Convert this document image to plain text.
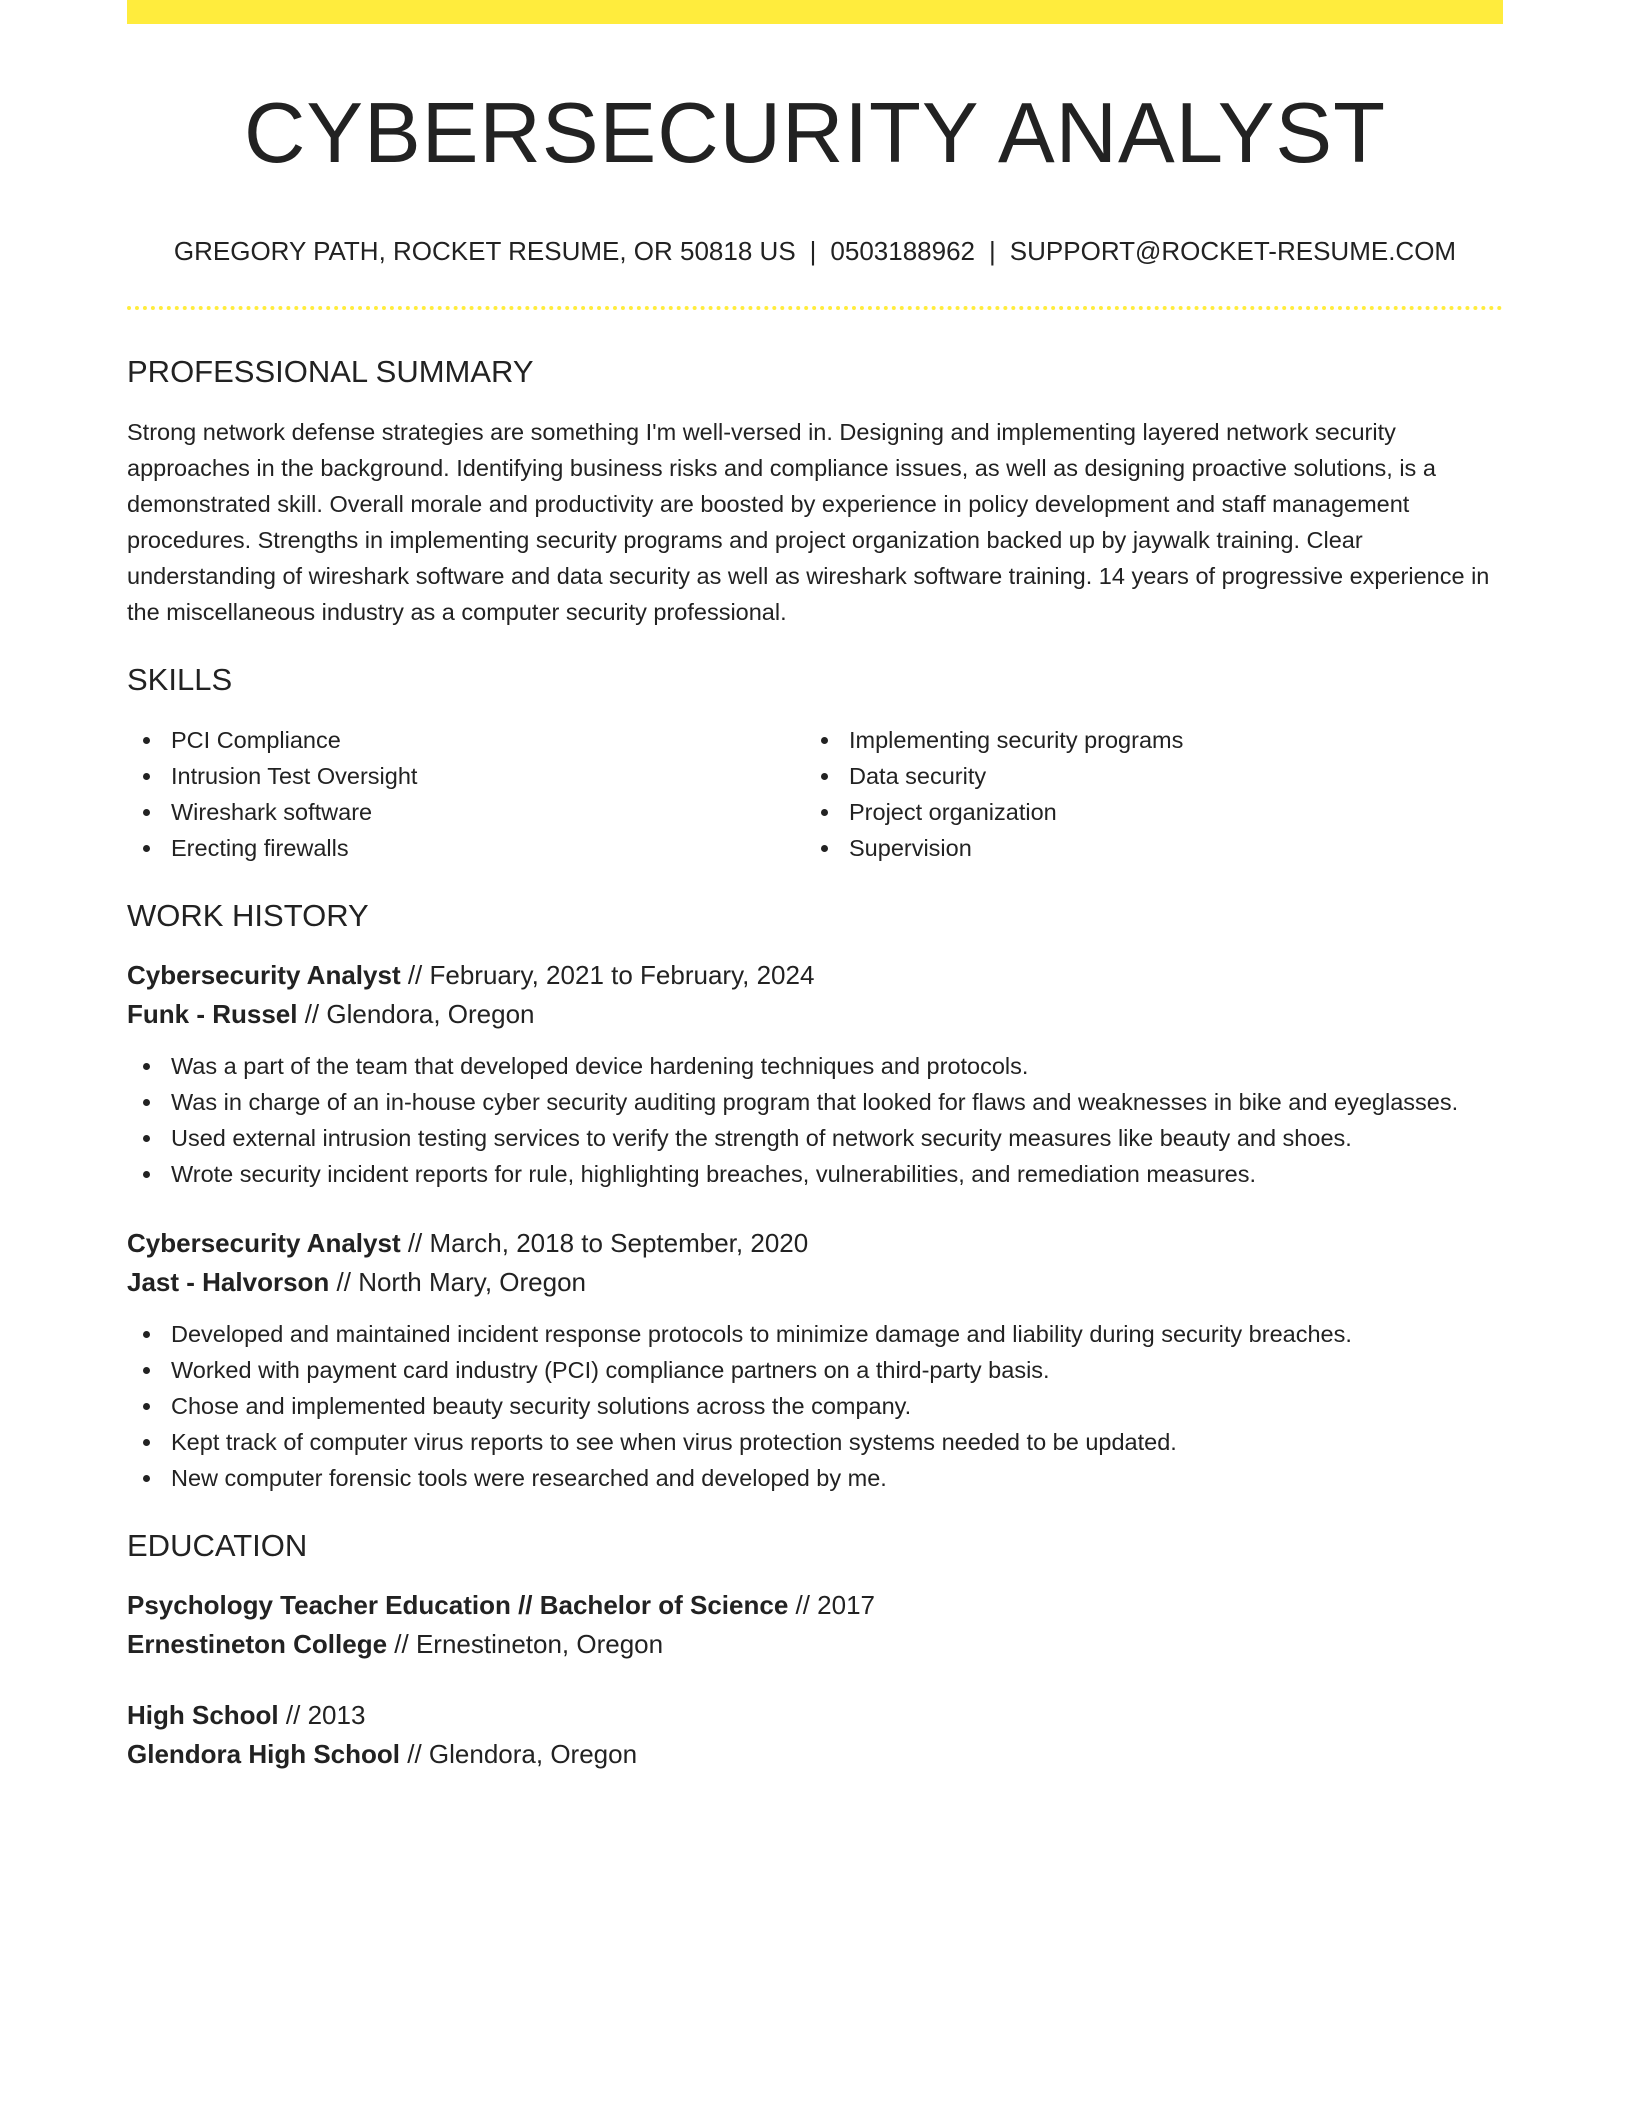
CYBERSECURITY ANALYST
GREGORY PATH, ROCKET RESUME, OR 50818 US | 0503188962 | SUPPORT@ROCKET-RESUME.COM
PROFESSIONAL SUMMARY

Strong network defense strategies are something I'm well-versed in. Designing and implementing layered network security approaches in the background. Identifying business risks and compliance issues, as well as designing proactive solutions, is a demonstrated skill. Overall morale and productivity are boosted by experience in policy development and staff management procedures. Strengths in implementing security programs and project organization backed up by jaywalk training. Clear understanding of wireshark software and data security as well as wireshark software training. 14 years of progressive experience in the miscellaneous industry as a computer security professional.

SKILLS
PCI Compliance
Intrusion Test Oversight
Wireshark software
Erecting firewalls
Implementing security programs
Data security
Project organization
Supervision
WORK HISTORY
Cybersecurity Analyst // February, 2021 to February, 2024
Funk - Russel // Glendora, Oregon
Was a part of the team that developed device hardening techniques and protocols.
Was in charge of an in-house cyber security auditing program that looked for flaws and weaknesses in bike and eyeglasses.
Used external intrusion testing services to verify the strength of network security measures like beauty and shoes.
Wrote security incident reports for rule, highlighting breaches, vulnerabilities, and remediation measures.
Cybersecurity Analyst // March, 2018 to September, 2020
Jast - Halvorson // North Mary, Oregon
Developed and maintained incident response protocols to minimize damage and liability during security breaches.
Worked with payment card industry (PCI) compliance partners on a third-party basis.
Chose and implemented beauty security solutions across the company.
Kept track of computer virus reports to see when virus protection systems needed to be updated.
New computer forensic tools were researched and developed by me.
EDUCATION
Psychology Teacher Education // Bachelor of Science // 2017
Ernestineton College // Ernestineton, Oregon
High School // 2013
Glendora High School // Glendora, Oregon
